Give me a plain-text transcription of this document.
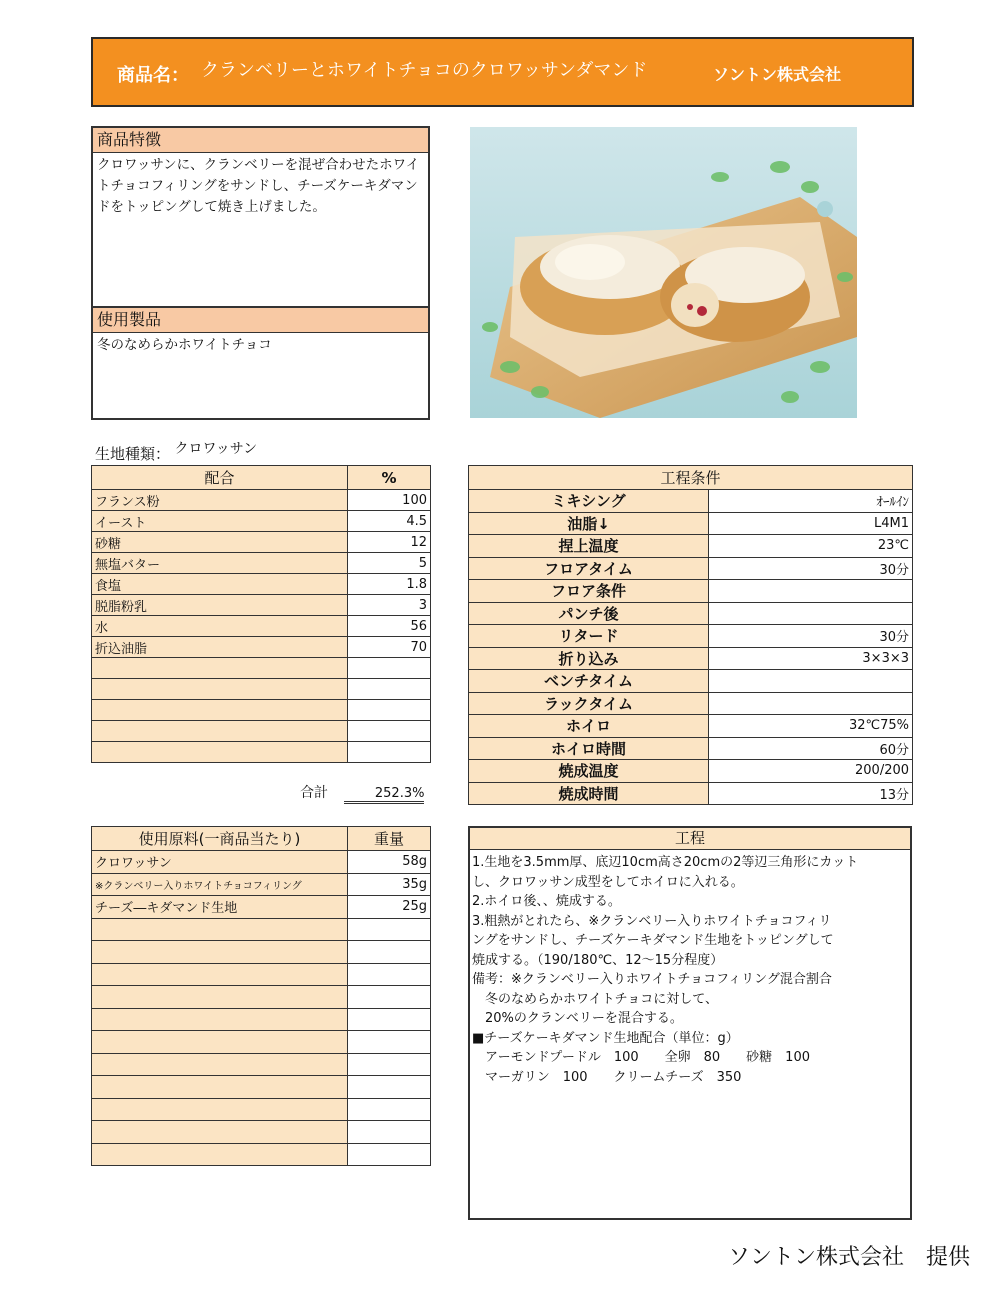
商品名： クランベリーとホワイトチョコのクロワッサンダマンド	ソントン株式会社
商品特徴
クロワッサンに、クランベリーを混ぜ合わせたホワイトチョコフィリングをサンドし、チーズケーキダマンドをトッピングして焼き上げました。
使用製品
冬のなめらかホワイトチョコ
生地種類： クロワッサン
配合	%
フランス粉	100
イースト	4.5
砂糖	12
無塩バター	5
食塩	1.8
脱脂粉乳	3
水	56
折込油脂	70

合計	252.3%
工程条件	
ミキシング	ｵｰﾙｲﾝ
油脂↓	L4M1
捏上温度	23℃
フロアタイム	30分
フロア条件	
パンチ後	
リタード	30分
折り込み	3×3×3
ベンチタイム	
ラックタイム	
ホイロ	32℃75%
ホイロ時間	60分
焼成温度	200/200
焼成時間	13分
使用原料(一商品当たり)	重量
クロワッサン	58g
※クランベリー入りホワイトチョコフィリング	35g
チーズ―キダマンド生地	25g

工程
1.生地を3.5mm厚、底辺10cm高さ20cmの2等辺三角形にカット
し、クロワッサン成型をしてホイロに入れる。
2.ホイロ後、、焼成する。
3.粗熱がとれたら、※クランベリー入りホワイトチョコフィリ
ングをサンドし、チーズケーキダマンド生地をトッピングして
焼成する。（190/180℃、12〜15分程度）
備考：※クランベリー入りホワイトチョコフィリング混合割合
　冬のなめらかホワイトチョコに対して、
　20%のクランベリーを混合する。
■チーズケーキダマンド生地配合（単位：g）
　アーモンドプードル　100　　全卵　80　　砂糖　100
　マーガリン　100　　クリームチーズ　350
ソントン株式会社　提供
